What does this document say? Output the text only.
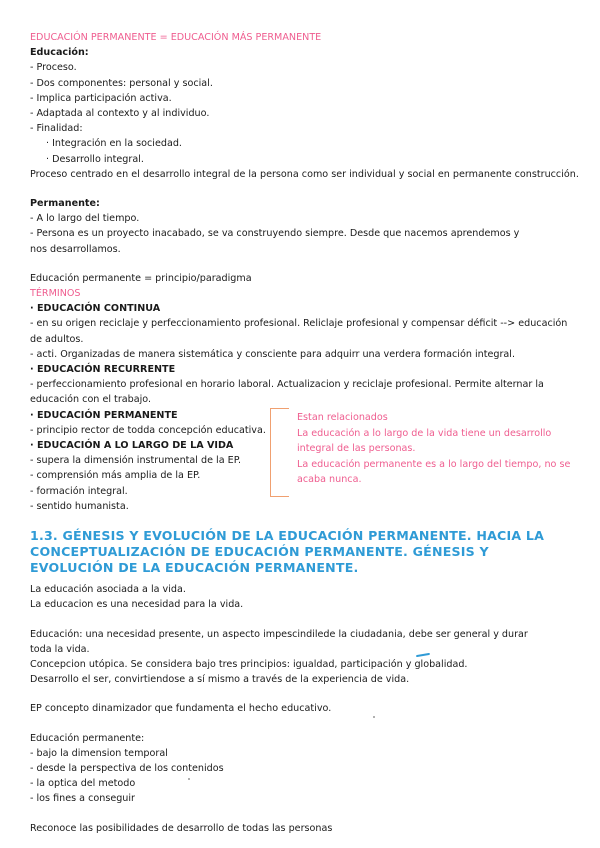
EDUCACIÓN PERMANENTE = EDUCACIÓN MÁS PERMANENTE
Educación:
- Proceso.
- Dos componentes: personal y social.
- Implica participación activa.
- Adaptada al contexto y al individuo.
- Finalidad:
· Integración en la sociedad.
· Desarrollo integral.
Proceso centrado en el desarrollo integral de la persona como ser individual y social en permanente construcción.
Permanente:
- A lo largo del tiempo.
- Persona es un proyecto inacabado, se va construyendo siempre. Desde que nacemos aprendemos y nos desarrollamos.
Educación permanente = principio/paradigma
TÉRMINOS
· EDUCACIÓN CONTINUA
- en su origen reciclaje y perfeccionamiento profesional. Reliclaje profesional y compensar déficit --> educación de adultos.
- acti. Organizadas de manera sistemática y consciente para adquirr una verdera formación integral.
· EDUCACIÓN RECURRENTE
- perfeccionamiento profesional en horario laboral. Actualizacion y reciclaje profesional. Permite alternar la educación con el trabajo.
· EDUCACIÓN PERMANENTE
- principio rector de todda concepción educativa.
· EDUCACIÓN A LO LARGO DE LA VIDA
- supera la dimensión instrumental de la EP.
- comprensión más amplia de la EP.
- formación integral.
- sentido humanista.
1.3. GÉNESIS Y EVOLUCIÓN DE LA EDUCACIÓN PERMANENTE. HACIA LA CONCEPTUALIZACIÓN DE EDUCACIÓN PERMANENTE. GÉNESIS Y EVOLUCIÓN DE LA EDUCACIÓN PERMANENTE.
La educación asociada a la vida.
La educacion es una necesidad para la vida.
Educación: una necesidad presente, un aspecto impescindilede la ciudadania, debe ser general y durar toda la vida.
Concepcion utópica. Se considera bajo tres principios: igualdad, participación y globalidad.
Desarrollo el ser, convirtiendose a sí mismo a través de la experiencia de vida.
EP concepto dinamizador que fundamenta el hecho educativo.
Educación permanente:
- bajo la dimension temporal
- desde la perspectiva de los contenidos
- la optica del metodo
- los fines a conseguir
Reconoce las posibilidades de desarrollo de todas las personas
Estan relacionados
La educación a lo largo de la vida tiene un desarrollo integral de las personas.
La educación permanente es a lo largo del tiempo, no se acaba nunca.
